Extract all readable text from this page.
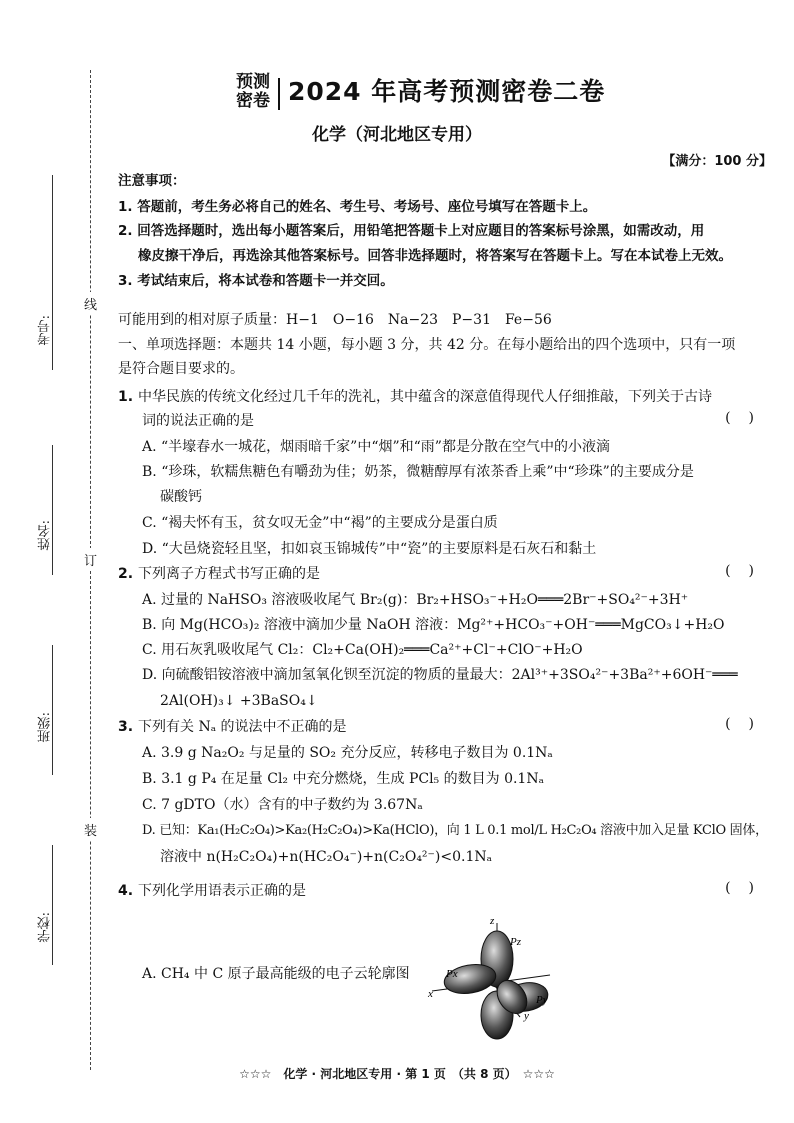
线
订
装
考号:
姓名:
班级:
学校:
预测
密卷 2024 年高考预测密卷二卷
化学（河北地区专用）
【满分：100 分】
注意事项：
1. 答题前，考生务必将自己的姓名、考生号、考场号、座位号填写在答题卡上。
2. 回答选择题时，选出每小题答案后，用铅笔把答题卡上对应题目的答案标号涂黑，如需改动，用
橡皮擦干净后，再选涂其他答案标号。回答非选择题时，将答案写在答题卡上。写在本试卷上无效。
3. 考试结束后，将本试卷和答题卡一并交回。
可能用到的相对原子质量：H−1　O−16　Na−23　P−31　Fe−56
一、单项选择题：本题共 14 小题，每小题 3 分，共 42 分。在每小题给出的四个选项中，只有一项
是符合题目要求的。
1. 中华民族的传统文化经过几千年的洗礼，其中蕴含的深意值得现代人仔细推敲，下列关于古诗
词的说法正确的是	()
A. “半壕春水一城花，烟雨暗千家”中“烟”和“雨”都是分散在空气中的小液滴
B. “珍珠，软糯焦糖色有嚼劲为佳；奶茶，微糖醇厚有浓茶香上乘”中“珍珠”的主要成分是
碳酸钙
C. “褐夫怀有玉，贫女叹无金”中“褐”的主要成分是蛋白质
D. “大邑烧瓷轻且坚，扣如哀玉锦城传”中“瓷”的主要原料是石灰石和黏土
2. 下列离子方程式书写正确的是	()
A. 过量的 NaHSO₃ 溶液吸收尾气 Br₂(g)：Br₂+HSO₃⁻+H₂O═══2Br⁻+SO₄²⁻+3H⁺
B. 向 Mg(HCO₃)₂ 溶液中滴加少量 NaOH 溶液：Mg²⁺+HCO₃⁻+OH⁻═══MgCO₃↓+H₂O
C. 用石灰乳吸收尾气 Cl₂：Cl₂+Ca(OH)₂═══Ca²⁺+Cl⁻+ClO⁻+H₂O
D. 向硫酸铝铵溶液中滴加氢氧化钡至沉淀的物质的量最大：2Al³⁺+3SO₄²⁻+3Ba²⁺+6OH⁻═══
2Al(OH)₃↓ +3BaSO₄↓
3. 下列有关 Nₐ 的说法中不正确的是	()
A. 3.9 g Na₂O₂ 与足量的 SO₂ 充分反应，转移电子数目为 0.1Nₐ
B. 3.1 g P₄ 在足量 Cl₂ 中充分燃烧，生成 PCl₅ 的数目为 0.1Nₐ
C. 7 gDTO（水）含有的中子数约为 3.67Nₐ
D. 已知：Ka₁(H₂C₂O₄)>Ka₂(H₂C₂O₄)>Ka(HClO)，向 1 L 0.1 mol/L H₂C₂O₄ 溶液中加入足量 KClO 固体，
溶液中 n(H₂C₂O₄)+n(HC₂O₄⁻)+n(C₂O₄²⁻)<0.1Nₐ
4. 下列化学用语表示正确的是	()
A. CH₄ 中 C 原子最高能级的电子云轮廓图
z
Pz
Px
x	Py
y
☆☆☆　化学 · 河北地区专用 · 第 1 页　（共 8 页）　☆☆☆
